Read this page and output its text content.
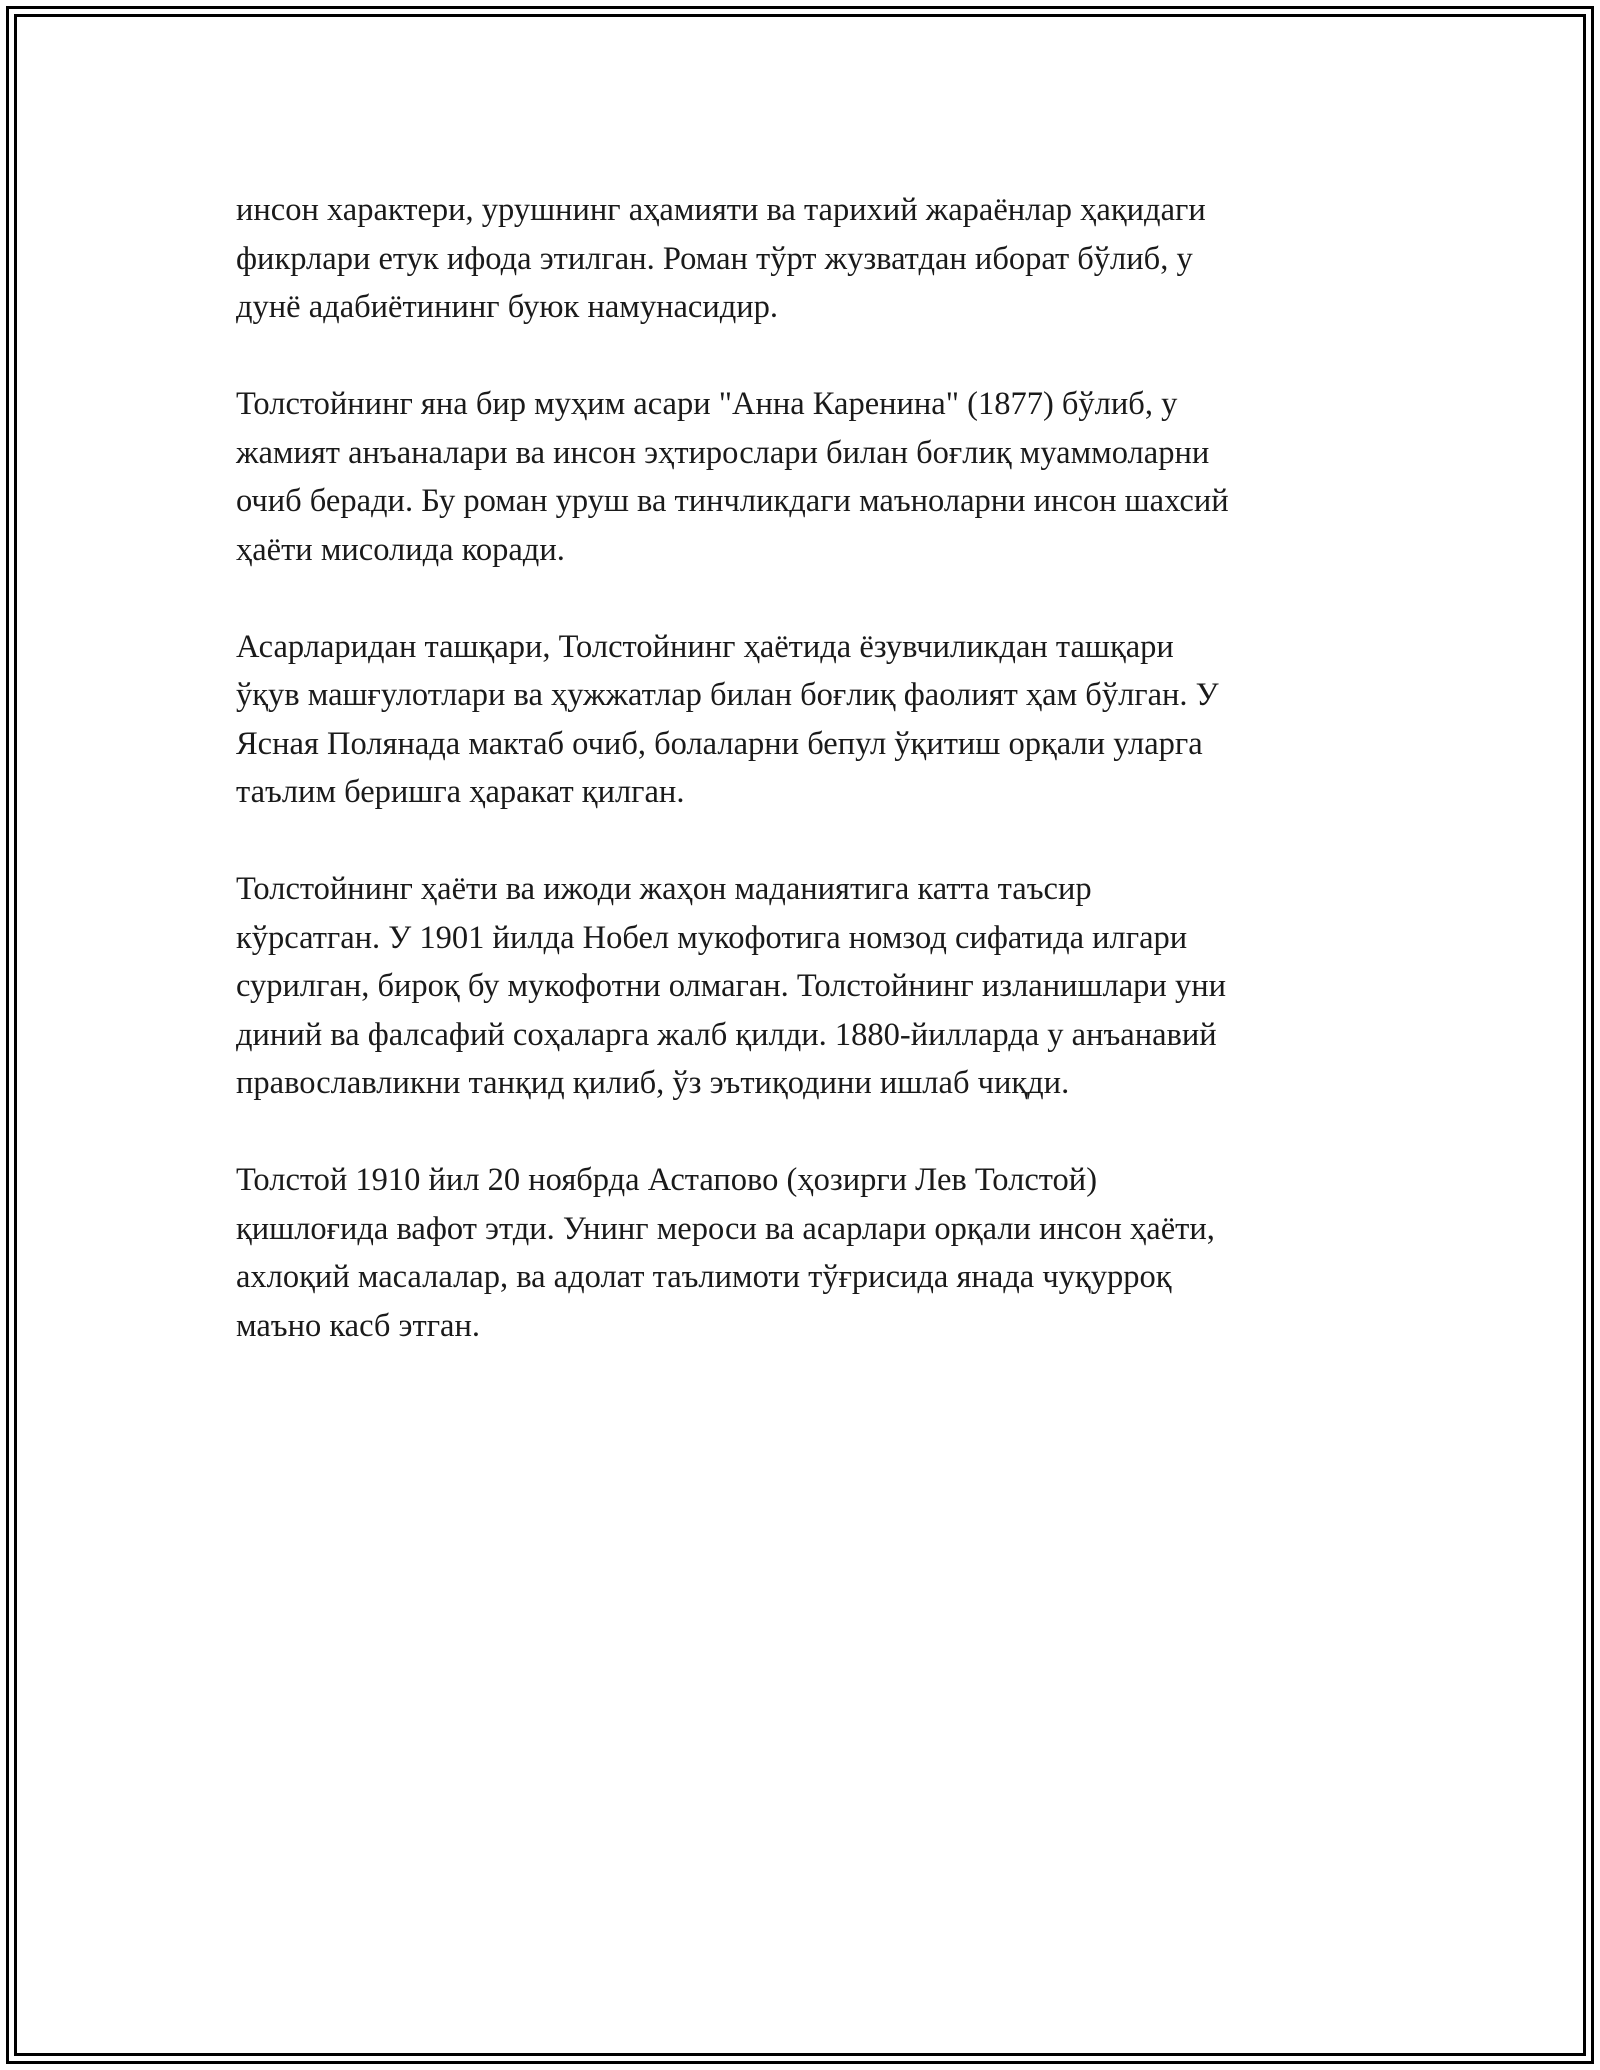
инсон характери, урушнинг аҳамияти ва тарихий жараёнлар ҳақидаги
фикрлари етук ифода этилган. Роман тўрт жузватдан иборат бўлиб, у
дунё адабиётининг буюк намунасидир.

Толстойнинг яна бир муҳим асари "Анна Каренина" (1877) бўлиб, у
жамият анъаналари ва инсон эҳтирослари билан боғлиқ муаммоларни
очиб беради. Бу роман уруш ва тинчликдаги маъноларни инсон шахсий
ҳаёти мисолида коради.

Асарларидан ташқари, Толстойнинг ҳаётида ёзувчиликдан ташқари
ўқув машғулотлари ва ҳужжатлар билан боғлиқ фаолият ҳам бўлган. У
Ясная Полянада мактаб очиб, болаларни бепул ўқитиш орқали уларга
таълим беришга ҳаракат қилган.

Толстойнинг ҳаёти ва ижоди жаҳон маданиятига катта таъсир
кўрсатган. У 1901 йилда Нобел мукофотига номзод сифатида илгари
сурилган, бироқ бу мукофотни олмаган. Толстойнинг изланишлари уни
диний ва фалсафий соҳаларга жалб қилди. 1880-йилларда у анъанавий
православликни танқид қилиб, ўз эътиқодини ишлаб чиқди.

Толстой 1910 йил 20 ноябрда Астапово (ҳозирги Лев Толстой)
қишлоғида вафот этди. Унинг мероси ва асарлари орқали инсон ҳаёти,
ахлоқий масалалар, ва адолат таълимоти тўғрисида янада чуқурроқ
маъно касб этган.
